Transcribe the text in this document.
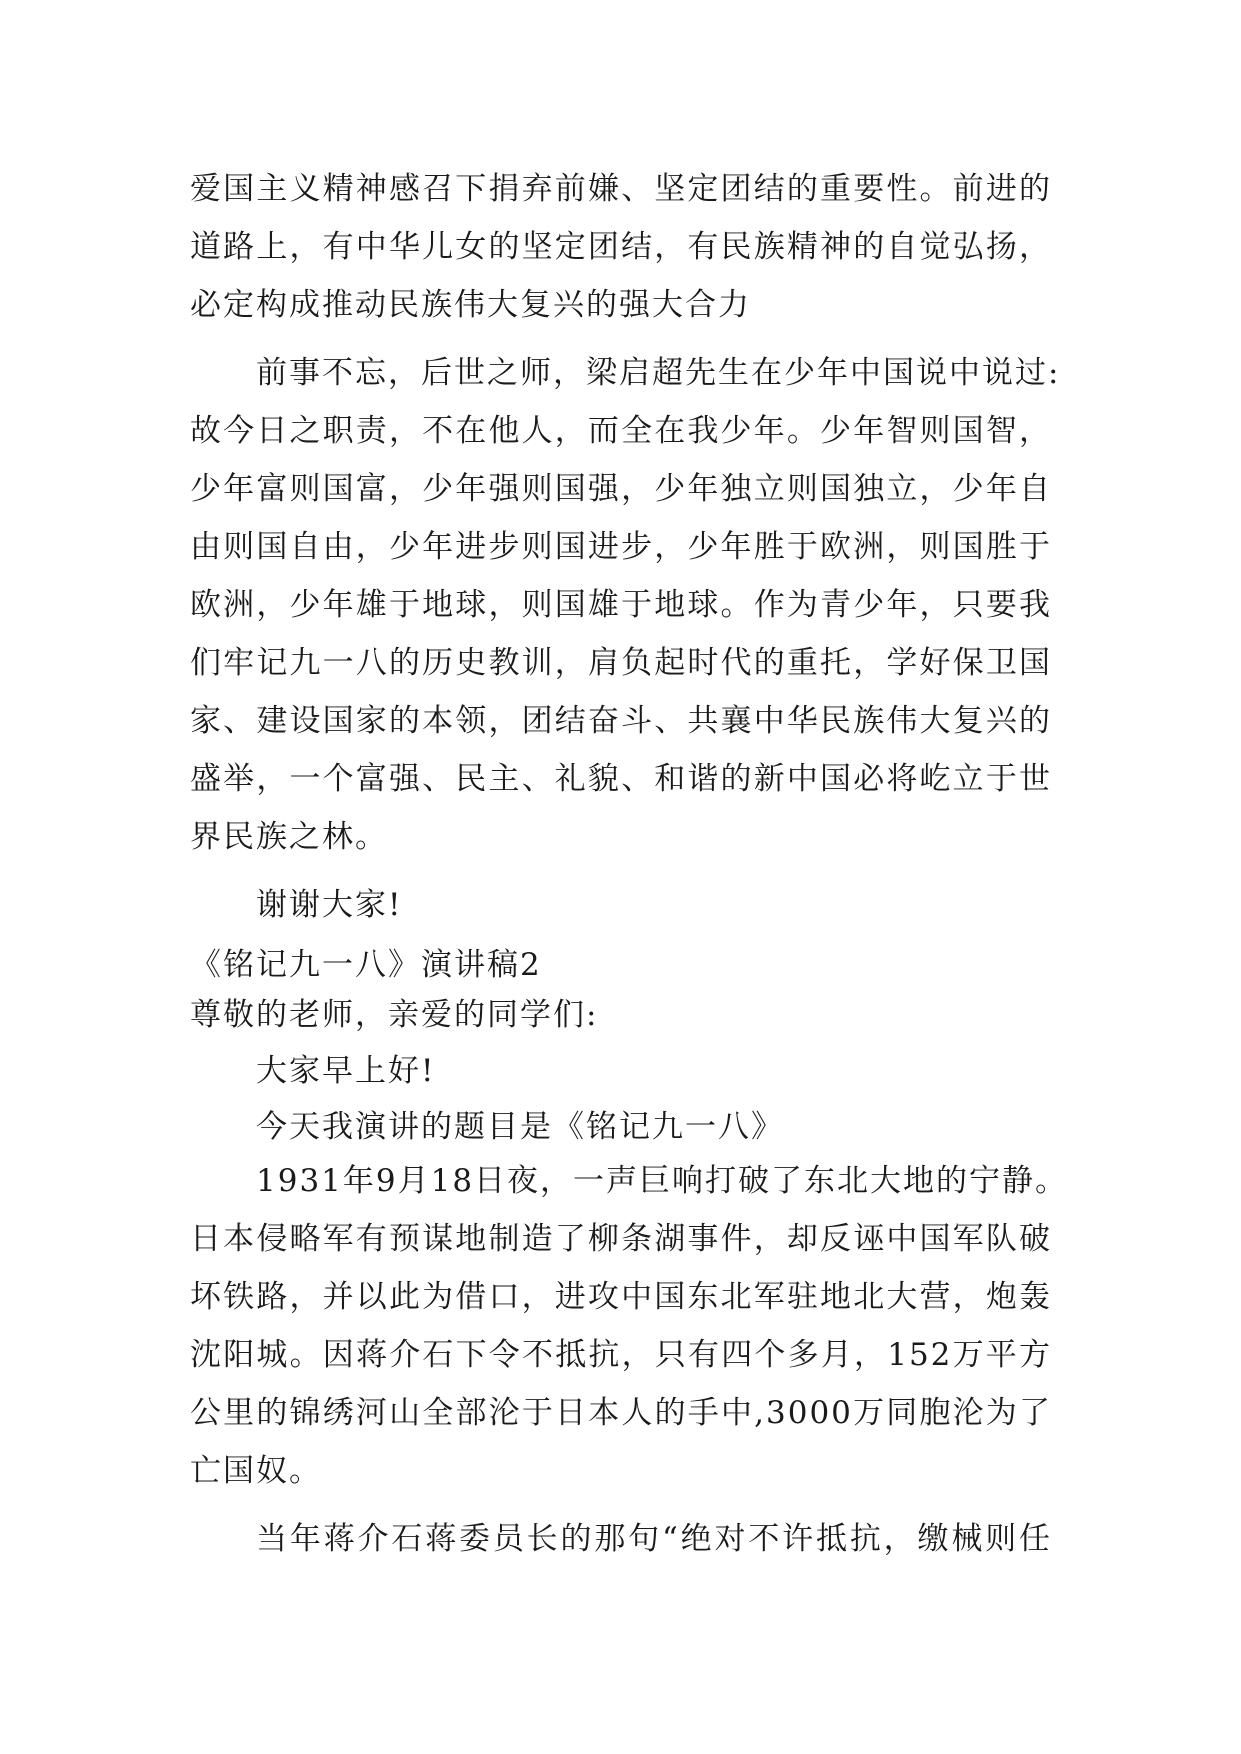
爱国主义精神感召下捐弃前嫌、坚定团结的重要性。前进的
道路上，有中华儿女的坚定团结，有民族精神的自觉弘扬，
必定构成推动民族伟大复兴的强大合力
前事不忘，后世之师，梁启超先生在少年中国说中说过:
故今日之职责，不在他人，而全在我少年。少年智则国智，
少年富则国富，少年强则国强，少年独立则国独立，少年自
由则国自由，少年进步则国进步，少年胜于欧洲，则国胜于
欧洲，少年雄于地球，则国雄于地球。作为青少年，只要我
们牢记九一八的历史教训，肩负起时代的重托，学好保卫国
家、建设国家的本领，团结奋斗、共襄中华民族伟大复兴的
盛举，一个富强、民主、礼貌、和谐的新中国必将屹立于世
界民族之林。
谢谢大家!
《铭记九一八》演讲稿2
尊敬的老师，亲爱的同学们:
大家早上好!
今天我演讲的题目是《铭记九一八》
1931年9月18日夜，一声巨响打破了东北大地的宁静。
日本侵略军有预谋地制造了柳条湖事件，却反诬中国军队破
坏铁路，并以此为借口，进攻中国东北军驻地北大营，炮轰
沈阳城。因蒋介石下令不抵抗，只有四个多月，152万平方
公里的锦绣河山全部沦于日本人的手中,3000万同胞沦为了
亡国奴。
当年蒋介石蒋委员长的那句“绝对不许抵抗，缴械则任
